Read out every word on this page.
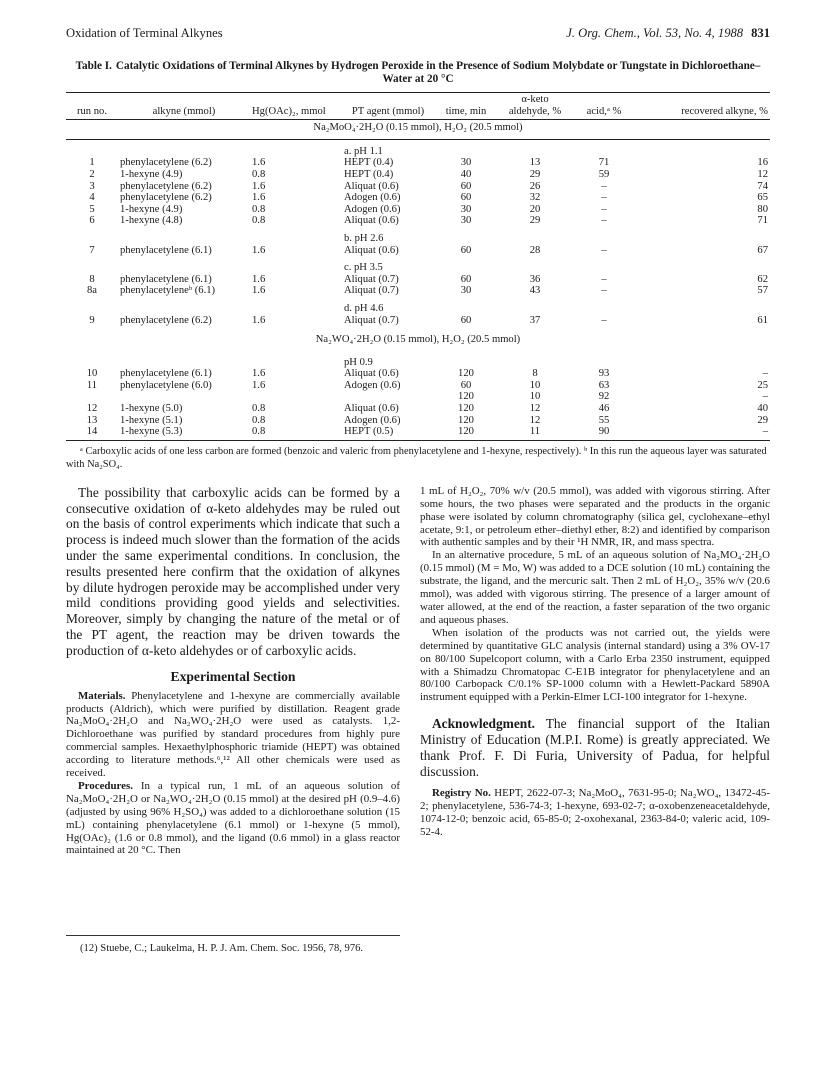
Oxidation of Terminal Alkynes	J. Org. Chem., Vol. 53, No. 4, 1988 831
Table I. Catalytic Oxidations of Terminal Alkynes by Hydrogen Peroxide in the Presence of Sodium Molybdate or Tungstate in Dichloroethane–Water at 20 °C
run no.	alkyne (mmol)	Hg(OAc)₂, mmol	PT agent (mmol)	time, min	α-keto aldehyde, %	acid,ᵃ %	recovered alkyne, %
Na₂MoO₄·2H₂O (0.15 mmol), H₂O₂ (20.5 mmol)							
			a. pH 1.1				
1	phenylacetylene (6.2)	1.6	HEPT (0.4)	30	13	71	16
2	1-hexyne (4.9)	0.8	HEPT (0.4)	40	29	59	12
3	phenylacetylene (6.2)	1.6	Aliquat (0.6)	60	26	–	74
4	phenylacetylene (6.2)	1.6	Adogen (0.6)	60	32	–	65
5	1-hexyne (4.9)	0.8	Adogen (0.6)	30	20	–	80
6	1-hexyne (4.8)	0.8	Aliquat (0.6)	30	29	–	71
			b. pH 2.6				
7	phenylacetylene (6.1)	1.6	Aliquat (0.6)	60	28	–	67
			c. pH 3.5				
8	phenylacetylene (6.1)	1.6	Aliquat (0.7)	60	36	–	62
8a	phenylacetyleneᵇ (6.1)	1.6	Aliquat (0.7)	30	43	–	57
			d. pH 4.6				
9	phenylacetylene (6.2)	1.6	Aliquat (0.7)	60	37	–	61
Na₂WO₄·2H₂O (0.15 mmol), H₂O₂ (20.5 mmol)							
			pH 0.9				
10	phenylacetylene (6.1)	1.6	Aliquat (0.6)	120	8	93	–
11	phenylacetylene (6.0)	1.6	Adogen (0.6)	60	10	63	25
				120	10	92	–
12	1-hexyne (5.0)	0.8	Aliquat (0.6)	120	12	46	40
13	1-hexyne (5.1)	0.8	Adogen (0.6)	120	12	55	29
14	1-hexyne (5.3)	0.8	HEPT (0.5)	120	11	90	–

ᵃ Carboxylic acids of one less carbon are formed (benzoic and valeric from phenylacetylene and 1-hexyne, respectively). ᵇ In this run the aqueous layer was saturated with Na₂SO₄.

The possibility that carboxylic acids can be formed by a consecutive oxidation of α-keto aldehydes may be ruled out on the basis of control experiments which indicate that such a process is indeed much slower than the formation of the acids under the same experimental conditions. In conclusion, the results presented here confirm that the oxidation of alkynes by dilute hydrogen peroxide may be accomplished under very mild conditions providing good yields and selectivities. Moreover, simply by changing the nature of the metal or of the PT agent, the reaction may be driven towards the production of α-keto aldehydes or of carboxylic acids.

Experimental Section

Materials. Phenylacetylene and 1-hexyne are commercially available products (Aldrich), which were purified by distillation. Reagent grade Na₂MoO₄·2H₂O and Na₂WO₄·2H₂O were used as catalysts. 1,2-Dichloroethane was purified by standard procedures from highly pure commercial samples. Hexaethylphosphoric triamide (HEPT) was obtained according to literature methods.⁶,¹² All other chemicals were used as received.

Procedures. In a typical run, 1 mL of an aqueous solution of Na₂MoO₄·2H₂O or Na₂WO₄·2H₂O (0.15 mmol) at the desired pH (0.9–4.6) (adjusted by using 96% H₂SO₄) was added to a dichloroethane solution (15 mL) containing phenylacetylene (6.1 mmol) or 1-hexyne (5 mmol), Hg(OAc)₂ (1.6 or 0.8 mmol), and the ligand (0.6 mmol) in a glass reactor maintained at 20 °C. Then

(12) Stuebe, C.; Laukelma, H. P. J. Am. Chem. Soc. 1956, 78, 976.

1 mL of H₂O₂, 70% w/v (20.5 mmol), was added with vigorous stirring. After some hours, the two phases were separated and the products in the organic phase were isolated by column chromatography (silica gel, cyclohexane–ethyl acetate, 9:1, or petroleum ether–diethyl ether, 8:2) and identified by comparison with authentic samples and by their ¹H NMR, IR, and mass spectra.

In an alternative procedure, 5 mL of an aqueous solution of Na₂MO₄·2H₂O (0.15 mmol) (M = Mo, W) was added to a DCE solution (10 mL) containing the substrate, the ligand, and the mercuric salt. Then 2 mL of H₂O₂, 35% w/v (20.6 mmol), was added with vigorous stirring. The presence of a larger amount of water allowed, at the end of the reaction, a faster separation of the two organic and aqueous phases.

When isolation of the products was not carried out, the yields were determined by quantitative GLC analysis (internal standard) using a 3% OV-17 on 80/100 Supelcoport column, with a Carlo Erba 2350 instrument, equipped with a Shimadzu Chromatopac C-E1B integrator for phenylacetylene and an 80/100 Carbopack C/0.1% SP-1000 column with a Hewlett-Packard 5890A instrument equipped with a Perkin-Elmer LCI-100 integrator for 1-hexyne.

Acknowledgment. The financial support of the Italian Ministry of Education (M.P.I. Rome) is greatly appreciated. We thank Prof. F. Di Furia, University of Padua, for helpful discussion.

Registry No. HEPT, 2622-07-3; Na₂MoO₄, 7631-95-0; Na₂WO₄, 13472-45-2; phenylacetylene, 536-74-3; 1-hexyne, 693-02-7; α-oxobenzeneacetaldehyde, 1074-12-0; benzoic acid, 65-85-0; 2-oxohexanal, 2363-84-0; valeric acid, 109-52-4.
